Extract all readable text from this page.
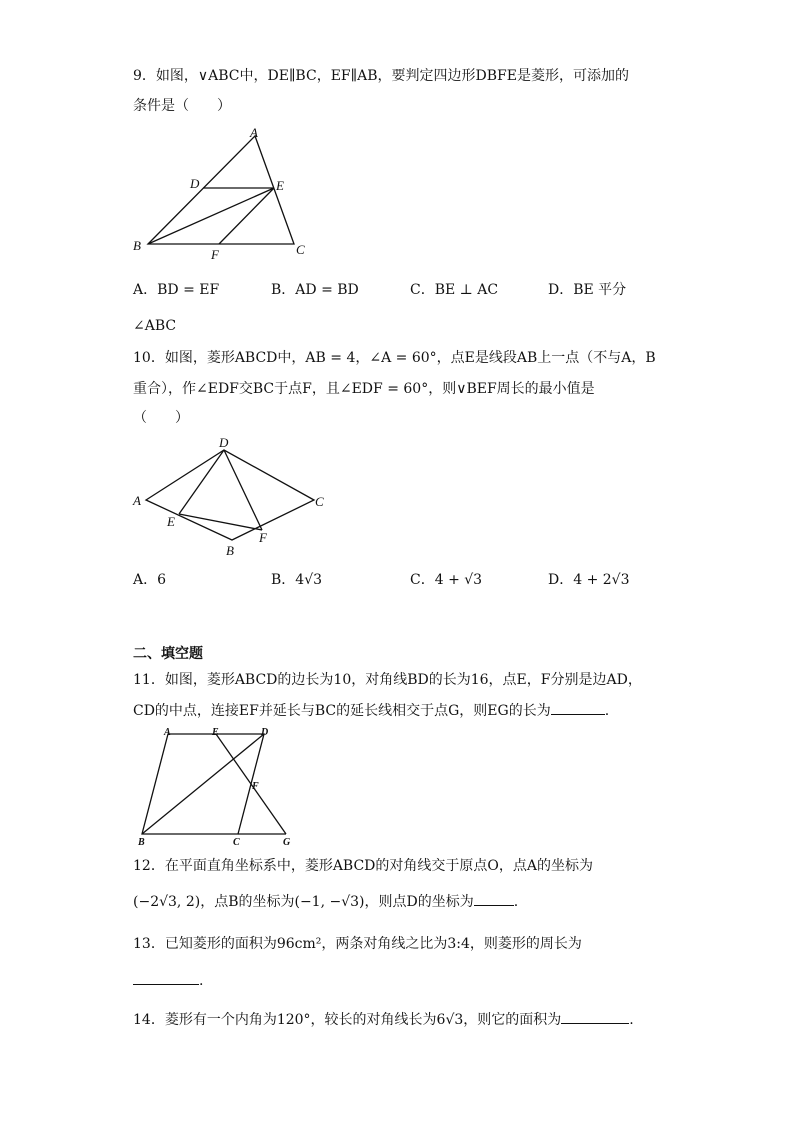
9．如图，∨ABC中，DE∥BC，EF∥AB，要判定四边形DBFE是菱形，可添加的
条件是（　　）
A
D	E
B
F	C
A．BD = EF	B．AD = BD	C．BE ⊥ AC	D．BE 平分
∠ABC
10．如图，菱形ABCD中，AB = 4，∠A = 60°，点E是线段AB上一点（不与A，B
重合），作∠EDF交BC于点F，且∠EDF = 60°，则∨BEF周长的最小值是
（　　）
D
A	C
E
F
B
A．6	B．4√3	C．4 + √3	D．4 + 2√3
二、填空题
11．如图，菱形ABCD的边长为10，对角线BD的长为16，点E，F分别是边AD，
CD的中点，连接EF并延长与BC的延长线相交于点G，则EG的长为	.
A	E	D
F
B	C	G
12．在平面直角坐标系中，菱形ABCD的对角线交于原点O，点A的坐标为
(−2√3, 2)，点B的坐标为(−1, −√3)，则点D的坐标为	.
13．已知菱形的面积为96cm²，两条对角线之比为3:4，则菱形的周长为
.
14．菱形有一个内角为120°，较长的对角线长为6√3，则它的面积为	.
